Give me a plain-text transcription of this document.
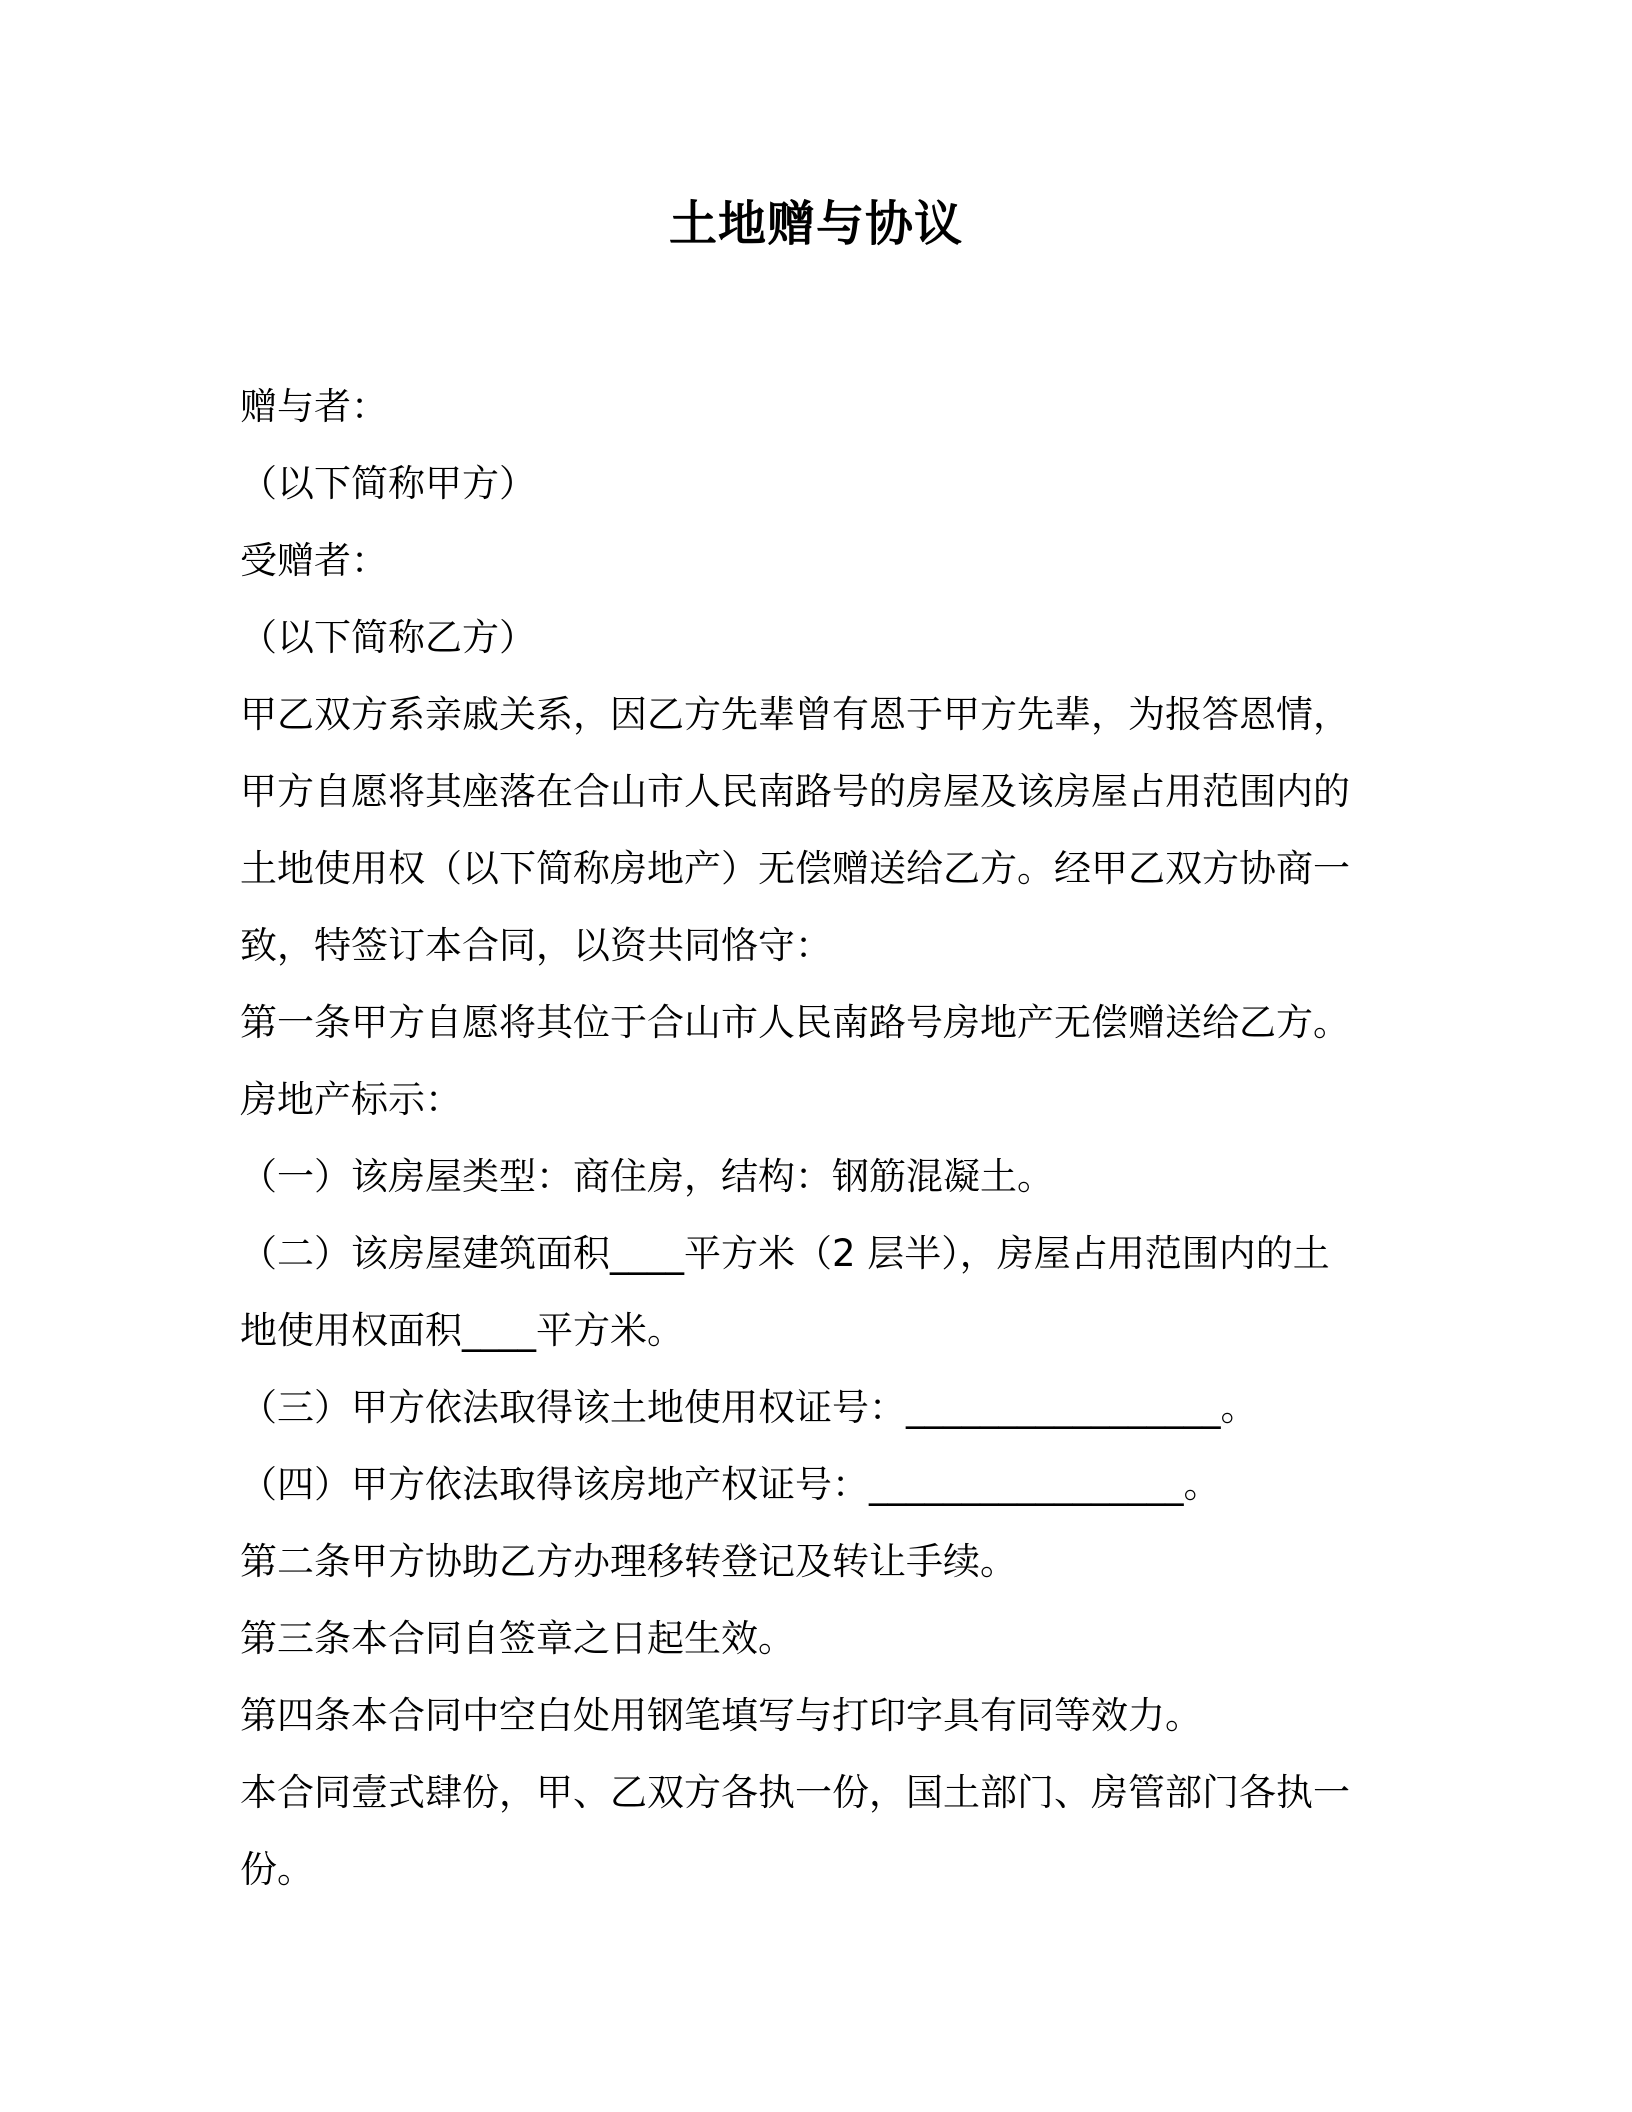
土地赠与协议
赠与者：
（以下简称甲方）
受赠者：
（以下简称乙方）
甲乙双方系亲戚关系，因乙方先辈曾有恩于甲方先辈，为报答恩情，
甲方自愿将其座落在合山市人民南路号的房屋及该房屋占用范围内的
土地使用权（以下简称房地产）无偿赠送给乙方。经甲乙双方协商一
致，特签订本合同，以资共同恪守：
第一条甲方自愿将其位于合山市人民南路号房地产无偿赠送给乙方。
房地产标示：
（一）该房屋类型：商住房，结构：钢筋混凝土。
（二）该房屋建筑面积____平方米（2 层半），房屋占用范围内的土
地使用权面积____平方米。
（三）甲方依法取得该土地使用权证号：_________________。
（四）甲方依法取得该房地产权证号：_________________。
第二条甲方协助乙方办理移转登记及转让手续。
第三条本合同自签章之日起生效。
第四条本合同中空白处用钢笔填写与打印字具有同等效力。
本合同壹式肆份，甲、乙双方各执一份，国土部门、房管部门各执一
份。
